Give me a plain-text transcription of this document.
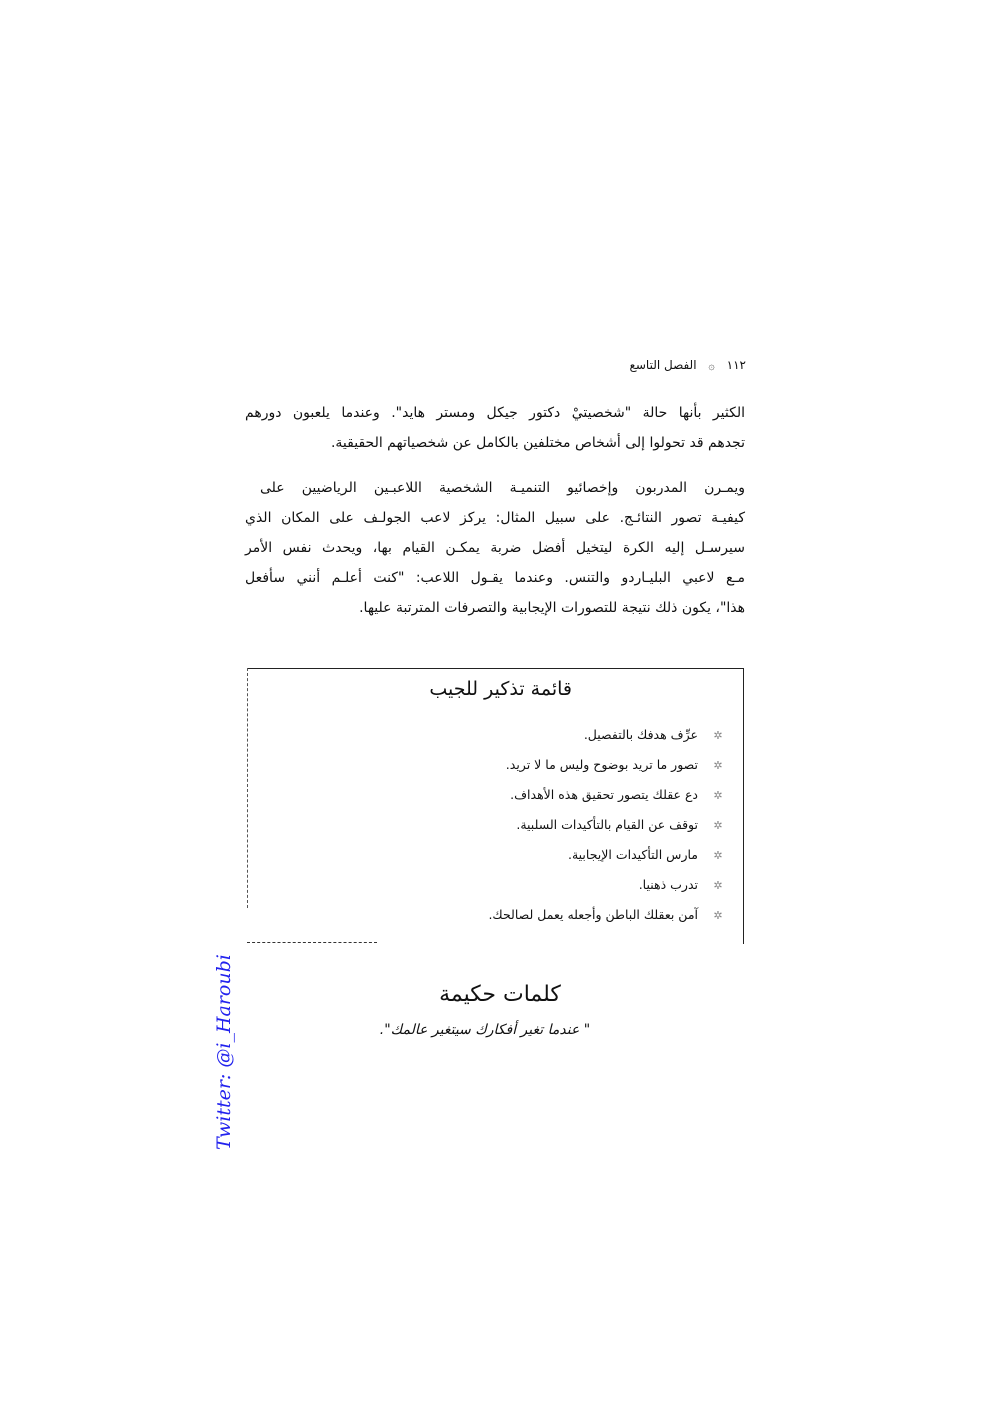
١١٢ ۞ الفصل التاسع
الكثير بأنها حالة "شخصيتيْ دكتور جيكل ومستر هايد". وعندما يلعبون دورهم
تجدهم قد تحولوا إلى أشخاص مختلفين بالكامل عن شخصياتهم الحقيقية.
ويمـرن المدربون وإخصائيو التنميـة الشخصية اللاعبـين الرياضيين على
كيفيـة تصور النتائـج. على سبيل المثال: يركز لاعب الجولـف على المكان الذي
سيرسـل إليه الكرة ليتخيل أفضل ضربة يمكـن القيام بها، ويحدث نفس الأمر
مـع لاعبي البليـاردو والتنس. وعندما يقـول اللاعب: "كنت أعلـم أنني سأفعل
هذا"، يكون ذلك نتيجة للتصورات الإيجابية والتصرفات المترتبة عليها.
قائمة تذكير للجيب
✲عرِّف هدفك بالتفصيل.
✲تصور ما تريد بوضوح وليس ما لا تريد.
✲دع عقلك يتصور تحقيق هذه الأهداف.
✲توقف عن القيام بالتأكيدات السلبية.
✲مارس التأكيدات الإيجابية.
✲تدرب ذهنيا.
✲آمن بعقلك الباطن وأجعله يعمل لصالحك.
كلمات حكيمة
" عندما تغير أفكارك سيتغير عالمك".
Twitter: @i_Haroubi
